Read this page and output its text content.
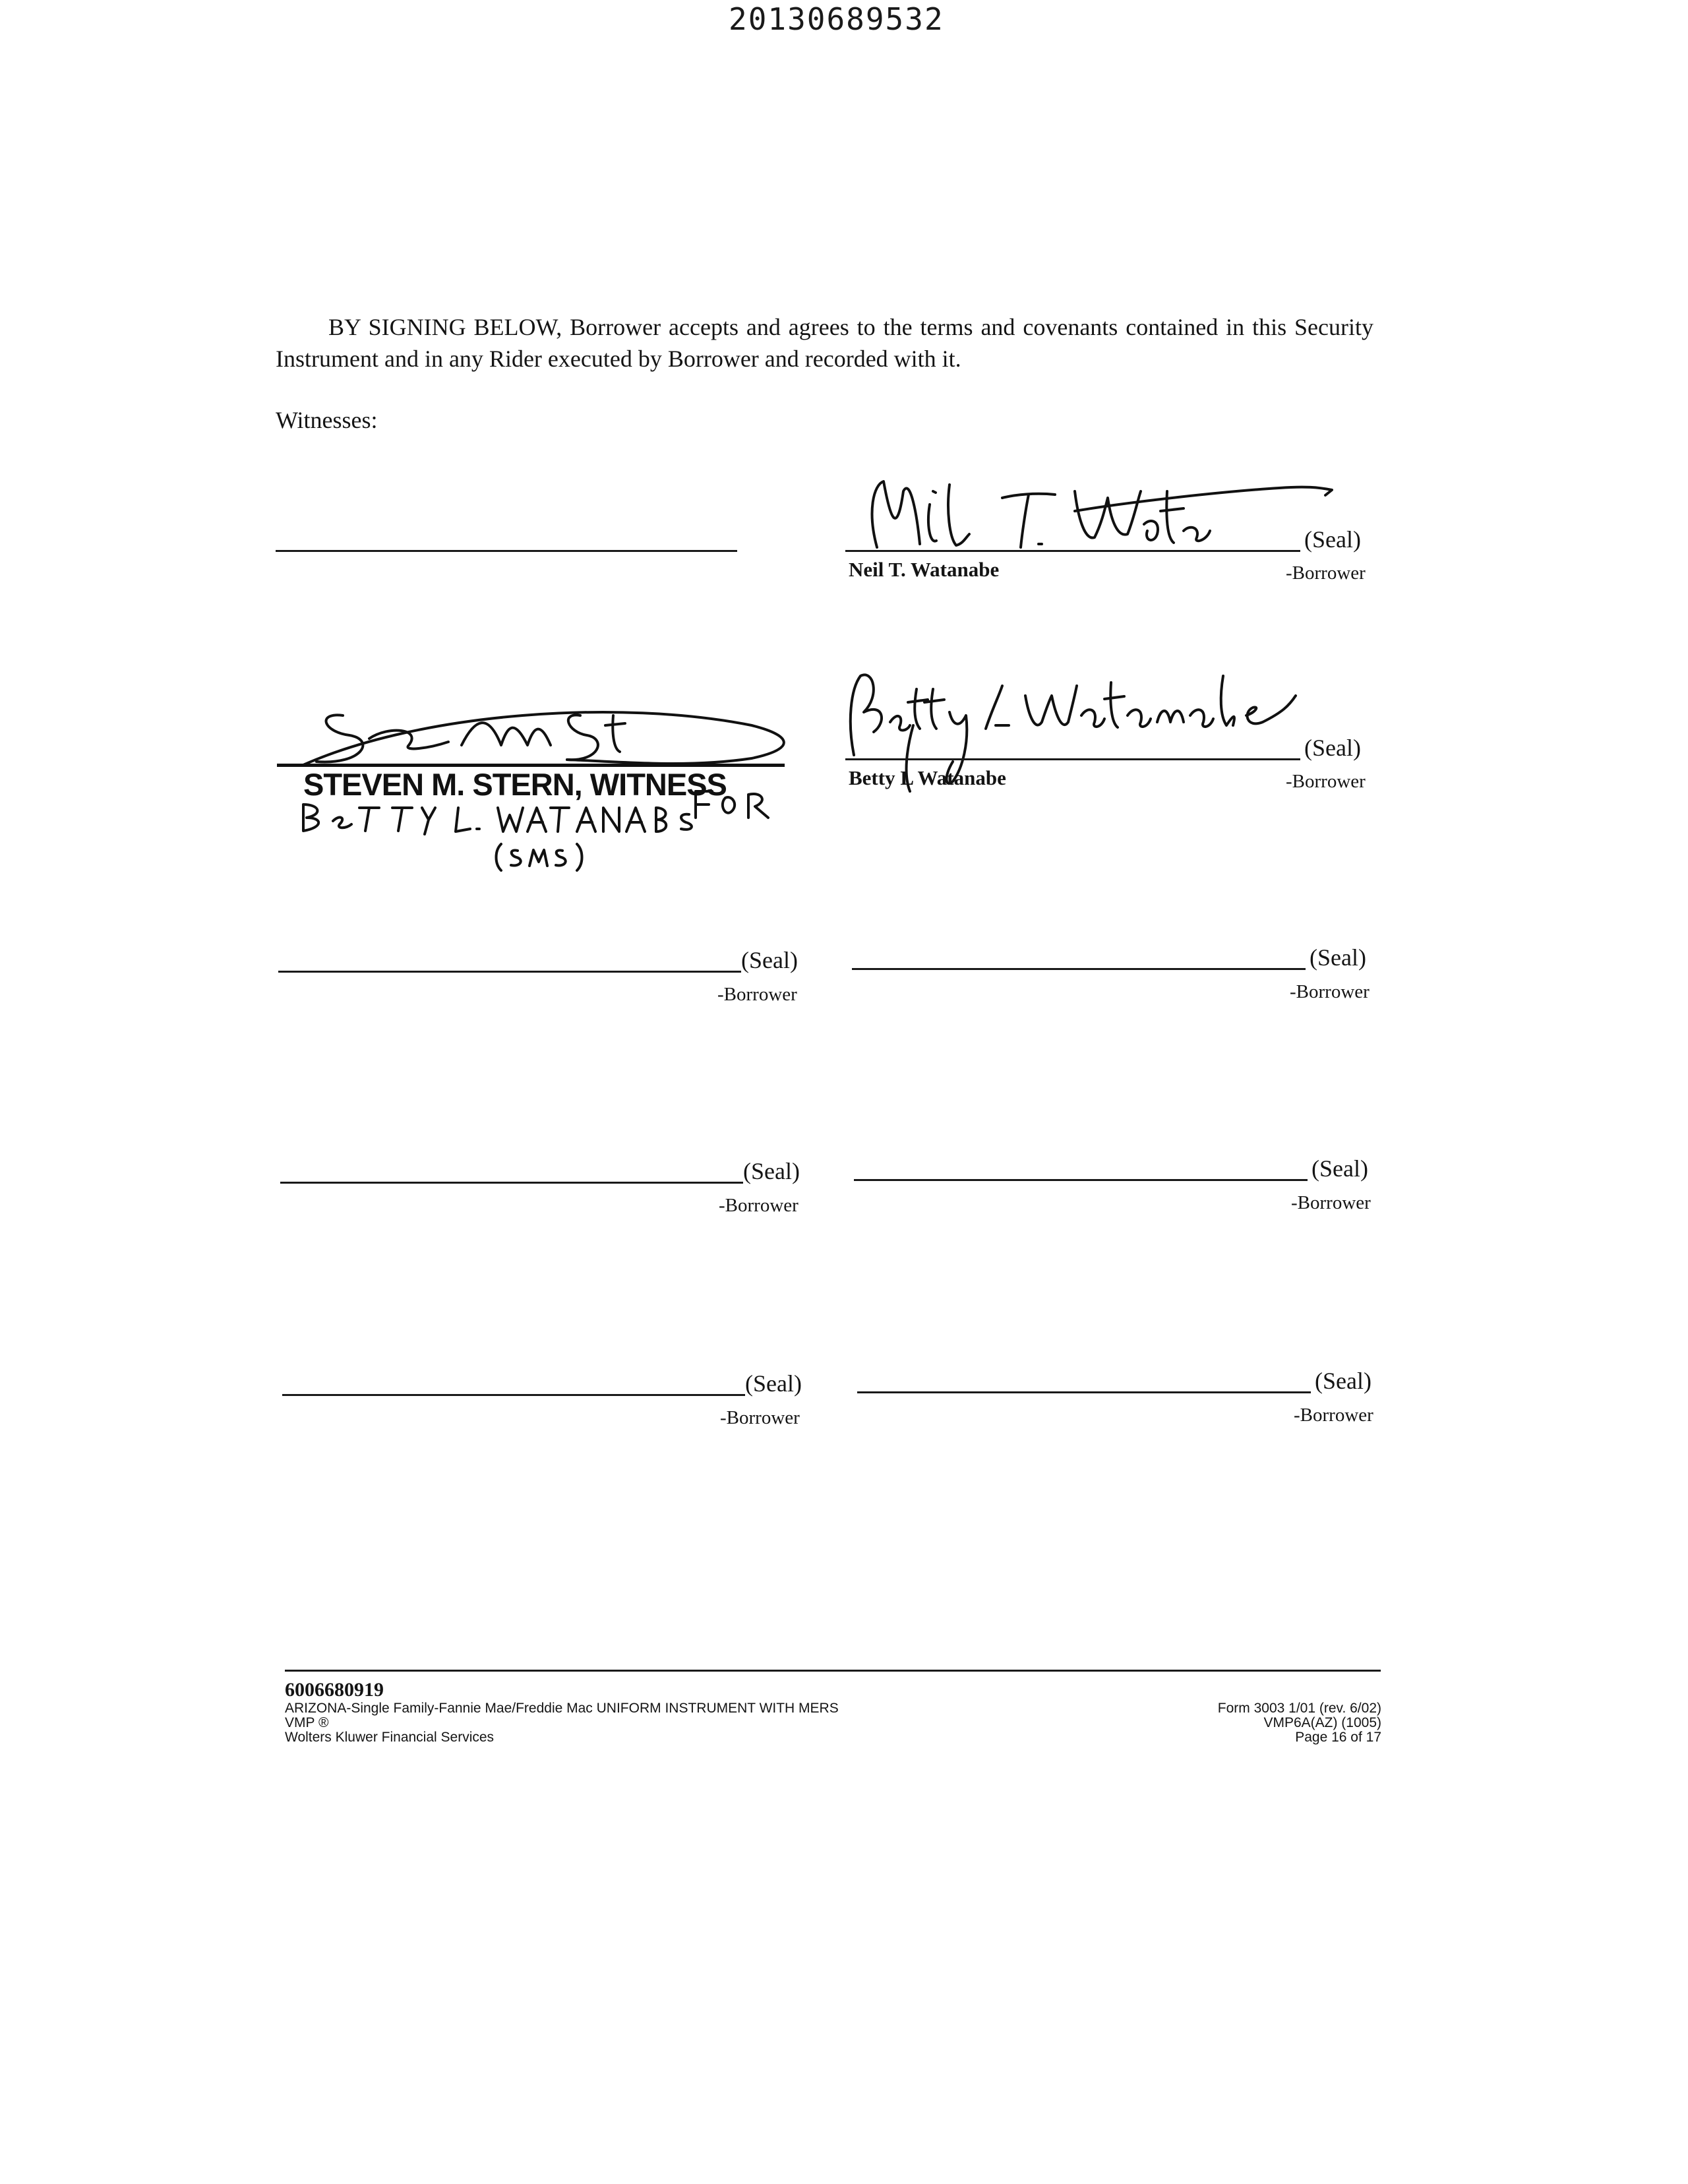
20130689532
BY SIGNING BELOW, Borrower accepts and agrees to the terms and covenants contained in this Security Instrument and in any Rider executed by Borrower and recorded with it.
Witnesses:
(Seal)
Neil T. Watanabe	-Borrower
STEVEN M. STERN, WITNESS
(Seal)
Betty L Watanabe	-Borrower
(Seal)
-Borrower
(Seal)
-Borrower
(Seal)
-Borrower
(Seal)
-Borrower
(Seal)
-Borrower
(Seal)
-Borrower
6006680919
ARIZONA-Single Family-Fannie Mae/Freddie Mac UNIFORM INSTRUMENT WITH MERS
VMP ®
Wolters Kluwer Financial Services
Form 3003 1/01 (rev. 6/02)
VMP6A(AZ) (1005)
Page 16 of 17
